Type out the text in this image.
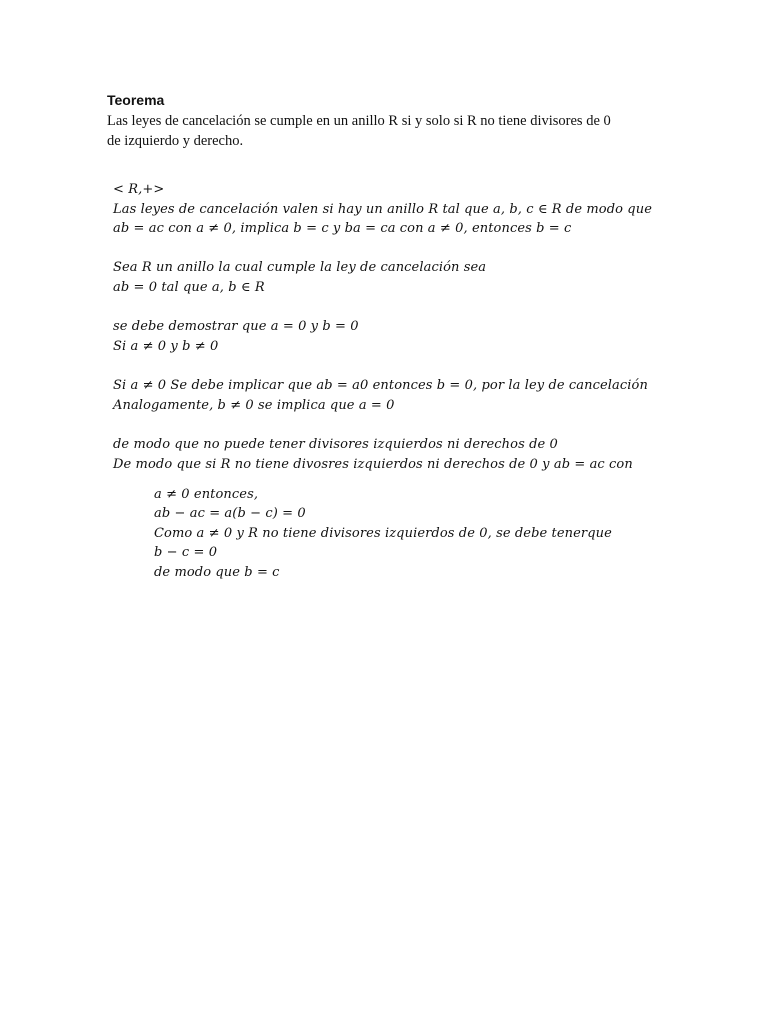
Teorema
Las leyes de cancelación se cumple en un anillo R si y solo si R no tiene divisores de 0
de izquierdo y derecho.
< R,+>
Las leyes de cancelación valen si hay un anillo R tal que a, b, c ∈ R de modo que
ab = ac con a ≠ 0, implica b = c y ba = ca con a ≠ 0, entonces b = c
Sea R un anillo la cual cumple la ley de cancelación sea
ab = 0 tal que a, b ∈ R
se debe demostrar que a = 0 y b = 0
Si a ≠ 0 y b ≠ 0
Si a ≠ 0 Se debe implicar que ab = a0 entonces b = 0, por la ley de cancelación
Analogamente, b ≠ 0 se implica que a = 0
de modo que no puede tener divisores izquierdos ni derechos de 0
De modo que si R no tiene divosres izquierdos ni derechos de 0 y ab = ac con
a ≠ 0 entonces,
ab − ac = a(b − c) = 0
Como a ≠ 0 y R no tiene divisores izquierdos de 0, se debe tenerque
b − c = 0
de modo que b = c
